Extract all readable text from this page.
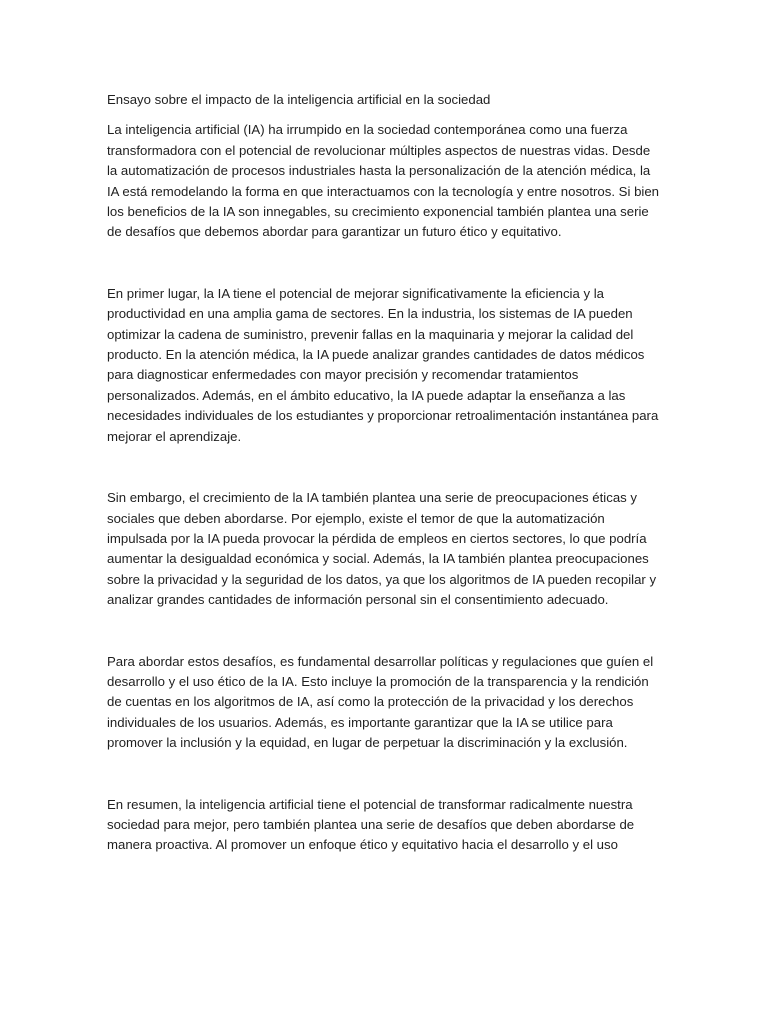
Ensayo sobre el impacto de la inteligencia artificial en la sociedad

La inteligencia artificial (IA) ha irrumpido en la sociedad contemporánea como una fuerza transformadora con el potencial de revolucionar múltiples aspectos de nuestras vidas. Desde la automatización de procesos industriales hasta la personalización de la atención médica, la IA está remodelando la forma en que interactuamos con la tecnología y entre nosotros. Si bien los beneficios de la IA son innegables, su crecimiento exponencial también plantea una serie de desafíos que debemos abordar para garantizar un futuro ético y equitativo.

En primer lugar, la IA tiene el potencial de mejorar significativamente la eficiencia y la productividad en una amplia gama de sectores. En la industria, los sistemas de IA pueden optimizar la cadena de suministro, prevenir fallas en la maquinaria y mejorar la calidad del producto. En la atención médica, la IA puede analizar grandes cantidades de datos médicos para diagnosticar enfermedades con mayor precisión y recomendar tratamientos personalizados. Además, en el ámbito educativo, la IA puede adaptar la enseñanza a las necesidades individuales de los estudiantes y proporcionar retroalimentación instantánea para mejorar el aprendizaje.

Sin embargo, el crecimiento de la IA también plantea una serie de preocupaciones éticas y sociales que deben abordarse. Por ejemplo, existe el temor de que la automatización impulsada por la IA pueda provocar la pérdida de empleos en ciertos sectores, lo que podría aumentar la desigualdad económica y social. Además, la IA también plantea preocupaciones sobre la privacidad y la seguridad de los datos, ya que los algoritmos de IA pueden recopilar y analizar grandes cantidades de información personal sin el consentimiento adecuado.

Para abordar estos desafíos, es fundamental desarrollar políticas y regulaciones que guíen el desarrollo y el uso ético de la IA. Esto incluye la promoción de la transparencia y la rendición de cuentas en los algoritmos de IA, así como la protección de la privacidad y los derechos individuales de los usuarios. Además, es importante garantizar que la IA se utilice para promover la inclusión y la equidad, en lugar de perpetuar la discriminación y la exclusión.

En resumen, la inteligencia artificial tiene el potencial de transformar radicalmente nuestra sociedad para mejor, pero también plantea una serie de desafíos que deben abordarse de manera proactiva. Al promover un enfoque ético y equitativo hacia el desarrollo y el uso
